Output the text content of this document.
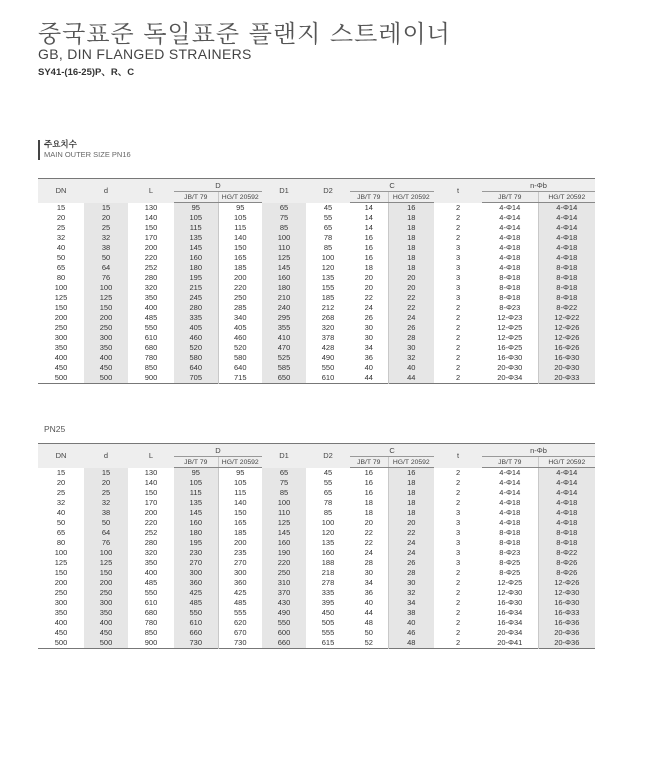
중국표준 독일표준 플랜지 스트레이너
GB, DIN FLANGED STRAINERS
SY41-(16-25)P、R、C
주요치수
MAIN OUTER SIZE PN16
DN	d	L	D		D1	D2	C		t	n-Φb	
			JB/T 79	HG/T 20592			JB/T 79	HG/T 20592		JB/T 79	HG/T 20592
15	15	130	95	95	65	45	14	16	2	4-Φ14	4-Φ14
20	20	140	105	105	75	55	14	18	2	4-Φ14	4-Φ14
25	25	150	115	115	85	65	14	18	2	4-Φ14	4-Φ14
32	32	170	135	140	100	78	16	18	2	4-Φ18	4-Φ18
40	38	200	145	150	110	85	16	18	3	4-Φ18	4-Φ18
50	50	220	160	165	125	100	16	18	3	4-Φ18	4-Φ18
65	64	252	180	185	145	120	18	18	3	4-Φ18	8-Φ18
80	76	280	195	200	160	135	20	20	3	8-Φ18	8-Φ18
100	100	320	215	220	180	155	20	20	3	8-Φ18	8-Φ18
125	125	350	245	250	210	185	22	22	3	8-Φ18	8-Φ18
150	150	400	280	285	240	212	24	22	2	8-Φ23	8-Φ22
200	200	485	335	340	295	268	26	24	2	12-Φ23	12-Φ22
250	250	550	405	405	355	320	30	26	2	12-Φ25	12-Φ26
300	300	610	460	460	410	378	30	28	2	12-Φ25	12-Φ26
350	350	680	520	520	470	428	34	30	2	16-Φ25	16-Φ26
400	400	780	580	580	525	490	36	32	2	16-Φ30	16-Φ30
450	450	850	640	640	585	550	40	40	2	20-Φ30	20-Φ30
500	500	900	705	715	650	610	44	44	2	20-Φ34	20-Φ33
PN25
DN	d	L	D		D1	D2	C		t	n-Φb	
			JB/T 79	HG/T 20592			JB/T 79	HG/T 20592		JB/T 79	HG/T 20592
15	15	130	95	95	65	45	16	16	2	4-Φ14	4-Φ14
20	20	140	105	105	75	55	16	18	2	4-Φ14	4-Φ14
25	25	150	115	115	85	65	16	18	2	4-Φ14	4-Φ14
32	32	170	135	140	100	78	18	18	2	4-Φ18	4-Φ18
40	38	200	145	150	110	85	18	18	3	4-Φ18	4-Φ18
50	50	220	160	165	125	100	20	20	3	4-Φ18	4-Φ18
65	64	252	180	185	145	120	22	22	3	8-Φ18	8-Φ18
80	76	280	195	200	160	135	22	24	3	8-Φ18	8-Φ18
100	100	320	230	235	190	160	24	24	3	8-Φ23	8-Φ22
125	125	350	270	270	220	188	28	26	3	8-Φ25	8-Φ26
150	150	400	300	300	250	218	30	28	2	8-Φ25	8-Φ26
200	200	485	360	360	310	278	34	30	2	12-Φ25	12-Φ26
250	250	550	425	425	370	335	36	32	2	12-Φ30	12-Φ30
300	300	610	485	485	430	395	40	34	2	16-Φ30	16-Φ30
350	350	680	550	555	490	450	44	38	2	16-Φ34	16-Φ33
400	400	780	610	620	550	505	48	40	2	16-Φ34	16-Φ36
450	450	850	660	670	600	555	50	46	2	20-Φ34	20-Φ36
500	500	900	730	730	660	615	52	48	2	20-Φ41	20-Φ36
